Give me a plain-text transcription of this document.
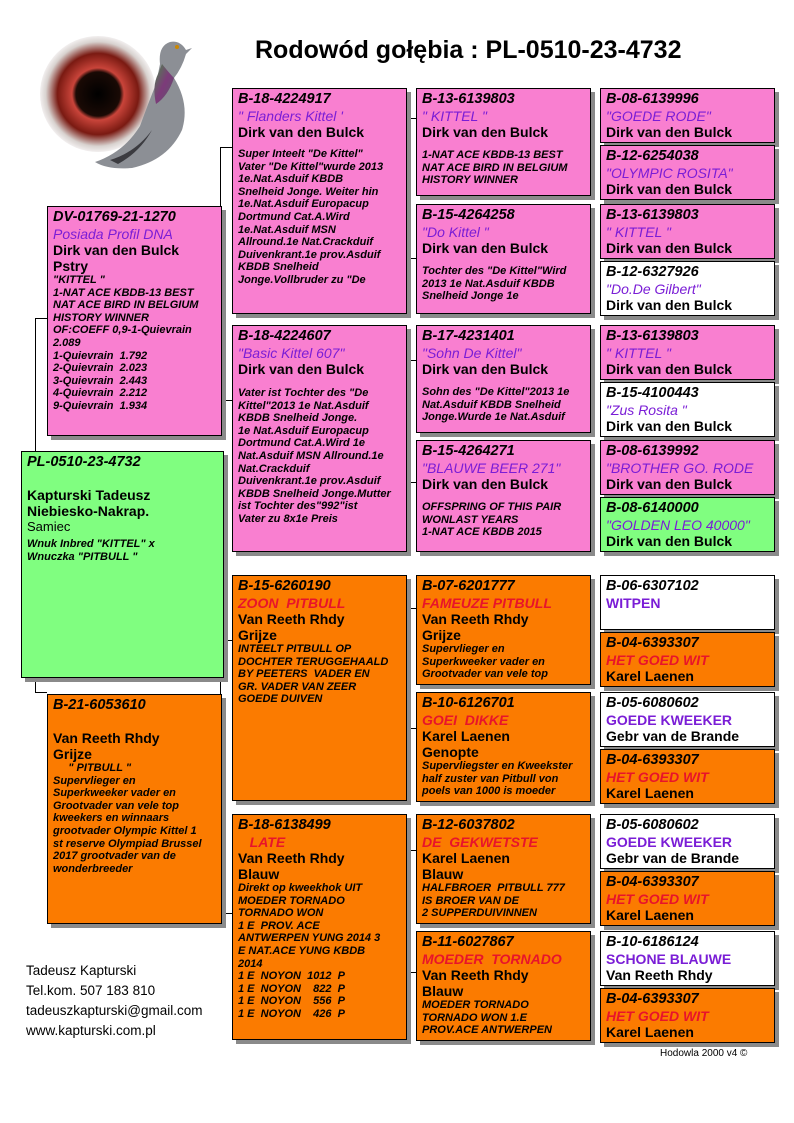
Rodowód gołębia : PL-0510-23-4732
PL-0510-23-4732
Kapturski Tadeusz
Niebiesko-Nakrap.
Samiec
Wnuk Inbred "KITTEL" x
Wnuczka "PITBULL "
DV-01769-21-1270
Posiada Profil DNA
Dirk van den Bulck
Pstry
"KITTEL "
1-NAT ACE KBDB-13 BEST
NAT ACE BIRD IN BELGIUM
HISTORY WINNER
OF:COEFF 0,9-1-Quievrain
2.089
1-Quievrain  1.792
2-Quievrain  2.023
3-Quievrain  2.443
4-Quievrain  2.212
9-Quievrain  1.934
B-21-6053610
Van Reeth Rhdy
Grijze
" PITBULL "
Supervlieger en
Superkweeker vader en
Grootvader van vele top
kweekers en winnaars
grootvader Olympic Kittel 1
st reserve Olympiad Brussel
2017 grootvader van de
wonderbreeder
B-18-4224917
" Flanders Kittel '
Dirk van den Bulck
Super Inteelt "De Kittel"
Vater "De Kittel"wurde 2013
1e.Nat.Asduif KBDB
Snelheid Jonge. Weiter hin
1e.Nat.Asduif Europacup
Dortmund Cat.A.Wird
1e.Nat.Asduif MSN
Allround.1e Nat.Crackduif
Duivenkrant.1e prov.Asduif
KBDB Snelheid
Jonge.Vollbruder zu "De
B-18-4224607
"Basic Kittel 607"
Dirk van den Bulck
Vater ist Tochter des "De
Kittel"2013 1e Nat.Asduif
KBDB Snelheid Jonge.
1e Nat.Asduif Europacup
Dortmund Cat.A.Wird 1e
Nat.Asduif MSN Allround.1e
Nat.Crackduif
Duivenkrant.1e prov.Asduif
KBDB Snelheid Jonge.Mutter
ist Tochter des"992"ist
Vater zu 8x1e Preis
B-15-6260190
ZOON  PITBULL
Van Reeth Rhdy
Grijze
INTEELT PITBULL OP
DOCHTER TERUGGEHAALD
BY PEETERS  VADER EN
GR. VADER VAN ZEER
GOEDE DUIVEN
B-18-6138499
LATE
Van Reeth Rhdy
Blauw
Direkt op kweekhok UIT
MOEDER TORNADO
TORNADO WON
1 E  PROV. ACE
ANTWERPEN YUNG 2014 3
E NAT.ACE YUNG KBDB
2014
1 E  NOYON  1012  P
1 E  NOYON    822  P
1 E  NOYON    556  P
1 E  NOYON    426  P
B-13-6139803
" KITTEL "
Dirk van den Bulck
1-NAT ACE KBDB-13 BEST
NAT ACE BIRD IN BELGIUM
HISTORY WINNER
B-15-4264258
"Do Kittel "
Dirk van den Bulck
Tochter des "De Kittel"Wird
2013 1e Nat.Asduif KBDB
Snelheid Jonge 1e
B-17-4231401
"Sohn De Kittel"
Dirk van den Bulck
Sohn des "De Kittel"2013 1e
Nat.Asduif KBDB Snelheid
Jonge.Wurde 1e Nat.Asduif
B-15-4264271
"BLAUWE BEER 271"
Dirk van den Bulck
OFFSPRING OF THIS PAIR
WONLAST YEARS
1-NAT ACE KBDB 2015
B-07-6201777
FAMEUZE PITBULL
Van Reeth Rhdy
Grijze
Supervlieger en
Superkweeker vader en
Grootvader van vele top
B-10-6126701
GOEI  DIKKE
Karel Laenen
Genopte
Supervliegster en Kweekster
half zuster van Pitbull von
poels van 1000 is moeder
B-12-6037802
DE  GEKWETSTE
Karel Laenen
Blauw
HALFBROER  PITBULL 777
IS BROER VAN DE
2 SUPPERDUIVINNEN
B-11-6027867
MOEDER  TORNADO
Van Reeth Rhdy
Blauw
MOEDER TORNADO
TORNADO WON 1.E
PROV.ACE ANTWERPEN
B-08-6139996
"GOEDE RODE"
Dirk van den Bulck
B-12-6254038
"OLYMPIC ROSITA"
Dirk van den Bulck
B-13-6139803
" KITTEL "
Dirk van den Bulck
B-12-6327926
"Do.De Gilbert"
Dirk van den Bulck
B-13-6139803
" KITTEL "
Dirk van den Bulck
B-15-4100443
"Zus Rosita "
Dirk van den Bulck
B-08-6139992
"BROTHER GO. RODE
Dirk van den Bulck
B-08-6140000
"GOLDEN LEO 40000"
Dirk van den Bulck
B-06-6307102
WITPEN
B-04-6393307
HET GOED WIT
Karel Laenen
B-05-6080602
GOEDE KWEEKER
Gebr van de Brande
B-04-6393307
HET GOED WIT
Karel Laenen
B-05-6080602
GOEDE KWEEKER
Gebr van de Brande
B-04-6393307
HET GOED WIT
Karel Laenen
B-10-6186124
SCHONE BLAUWE
Van Reeth Rhdy
B-04-6393307
HET GOED WIT
Karel Laenen
Tadeusz Kapturski
Tel.kom. 507 183 810
tadeuszkapturski@gmail.com
www.kapturski.com.pl
Hodowla 2000 v4 ©
